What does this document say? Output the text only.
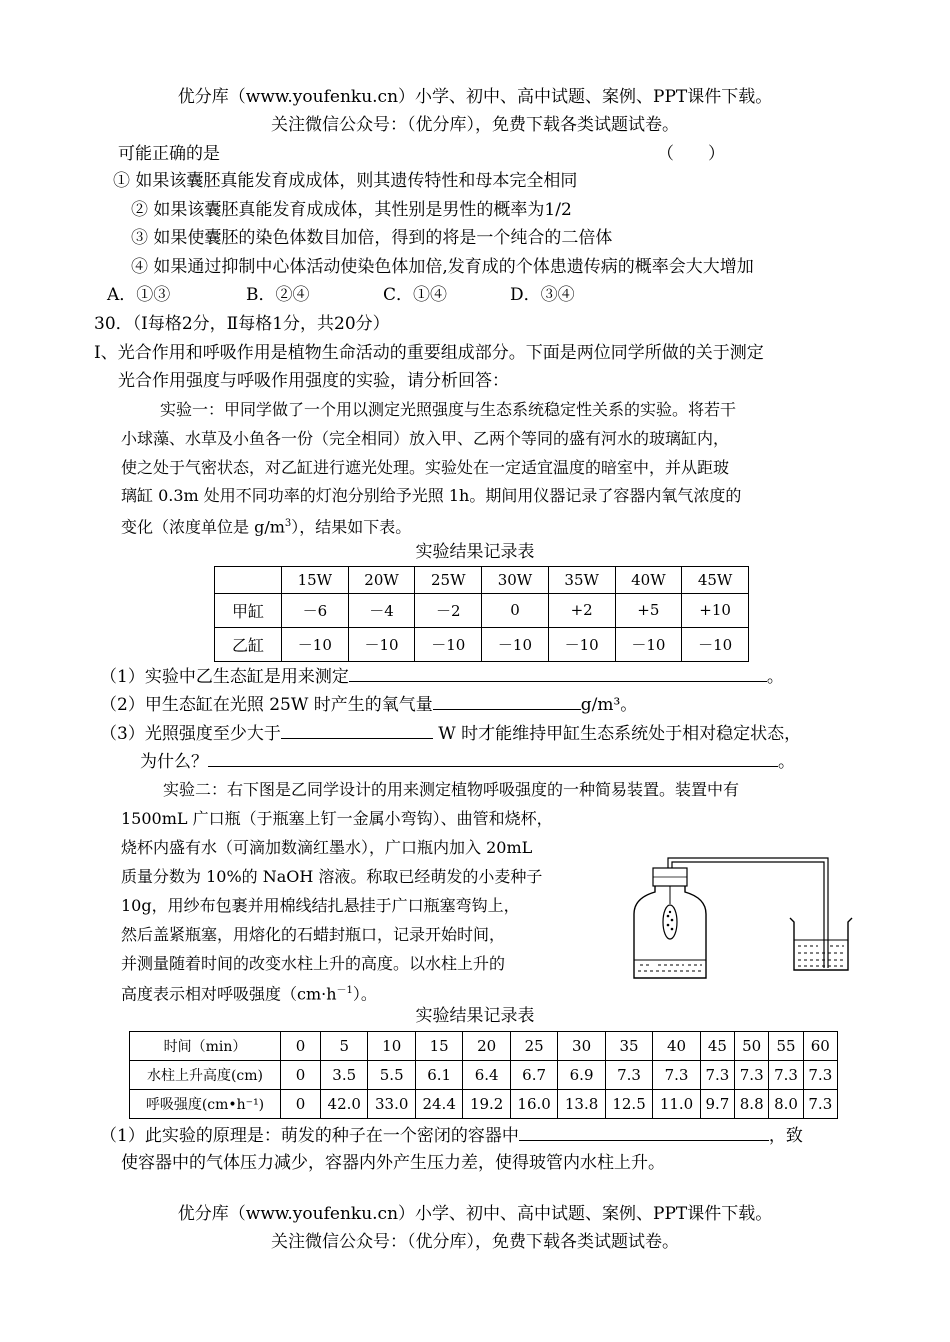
优分库（www.youfenku.cn）小学、初中、高中试题、案例、PPT课件下载。
关注微信公众号：（优分库），免费下载各类试题试卷。
可能正确的是	（　　）
① 如果该囊胚真能发育成成体，则其遗传特性和母本完全相同
② 如果该囊胚真能发育成成体，其性别是男性的概率为1/2
③ 如果使囊胚的染色体数目加倍，得到的将是一个纯合的二倍体
④ 如果通过抑制中心体活动使染色体加倍,发育成的个体患遗传病的概率会大大增加
A．①③	B．②④	C．①④	D．③④
30．（Ⅰ每格2分，Ⅱ每格1分，共20分）
Ⅰ、光合作用和呼吸作用是植物生命活动的重要组成部分。下面是两位同学所做的关于测定
光合作用强度与呼吸作用强度的实验，请分析回答：
实验一：甲同学做了一个用以测定光照强度与生态系统稳定性关系的实验。将若干
小球藻、水草及小鱼各一份（完全相同）放入甲、乙两个等同的盛有河水的玻璃缸内，
使之处于气密状态，对乙缸进行遮光处理。实验处在一定适宜温度的暗室中，并从距玻
璃缸 0.3m 处用不同功率的灯泡分别给予光照 1h。期间用仪器记录了容器内氧气浓度的
变化（浓度单位是 $g/m^3$），结果如下表。
实验结果记录表
	15W	20W	25W	30W	35W	40W	45W
甲缸	－6	－4	－2	0	+2	+5	+10
乙缸	－10	－10	－10	－10	－10	－10	－10
（1）实验中乙生态缸是用来测定	。
（2）甲生态缸在光照 25W 时产生的氧气量	g/m³。
（3）光照强度至少大于	W 时才能维持甲缸生态系统处于相对稳定状态，
为什么？	。
实验二：右下图是乙同学设计的用来测定植物呼吸强度的一种简易装置。装置中有
1500mL 广口瓶（于瓶塞上钉一金属小弯钩）、曲管和烧杯，
烧杯内盛有水（可滴加数滴红墨水），广口瓶内加入 20mL
质量分数为 10%的 NaOH 溶液。称取已经萌发的小麦种子
10g，用纱布包裹并用棉线结扎悬挂于广口瓶塞弯钩上，
然后盖紧瓶塞，用熔化的石蜡封瓶口，记录开始时间，
并测量随着时间的改变水柱上升的高度。以水柱上升的
高度表示相对呼吸强度$(cm\cdot h^{-1})$。
实验结果记录表
时间（min）	0	5	10	15	20	25	30	35	40	45	50	55	60
水柱上升高度(cm)	0	3.5	5.5	6.1	6.4	6.7	6.9	7.3	7.3	7.3	7.3	7.3	7.3
呼吸强度(cm•h⁻¹)	0	42.0	33.0	24.4	19.2	16.0	13.8	12.5	11.0	9.7	8.8	8.0	7.3
（1）此实验的原理是：萌发的种子在一个密闭的容器中	，致
使容器中的气体压力减少，容器内外产生压力差，使得玻管内水柱上升。
优分库（www.youfenku.cn）小学、初中、高中试题、案例、PPT课件下载。
关注微信公众号：（优分库），免费下载各类试题试卷。
